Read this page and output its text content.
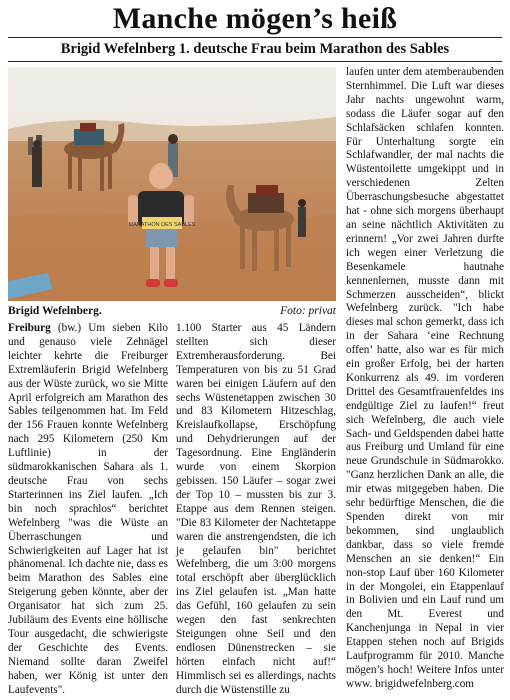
Manche mögen’s heiß
Brigid Wefelnberg 1. deutsche Frau beim Marathon des Sables
MARATHON DES SABLES
Brigid Wefelnberg.	Foto: privat

Freiburg (bw.) Um sieben Kilo und genauso viele Zehnägel leichter kehrte die Freiburger Extremläuferin Brigid Wefelnberg aus der Wüste zurück, wo sie Mitte April erfolgreich am Marathon des Sables teilgenommen hat. Im Feld der 156 Frauen konnte Wefelnberg nach 295 Kilometern (250 Km Luftlinie) in der südmarokkanischen Sahara als 1. deutsche Frau von sechs Starterinnen ins Ziel laufen. „Ich bin noch sprachlos“ berichtet Wefelnberg "was die Wüste an Überraschungen und Schwierigkeiten auf Lager hat ist phänomenal. Ich dachte nie, dass es beim Marathon des Sables eine Steigerung geben könnte, aber der Organisator hat sich zum 25. Jubiläum des Events eine höllische Tour ausgedacht, die schwierigste der Geschichte des Events. Niemand sollte daran Zweifel haben, wer König ist unter den Laufevents".

1.100 Starter aus 45 Ländern stellten sich dieser Extremherausforderung. Bei Temperaturen von bis zu 51 Grad waren bei einigen Läufern auf den sechs Wüstenetappen zwischen 30 und 83 Kilometern Hitzeschlag, Kreislaufkollapse, Erschöpfung und Dehydrierungen auf der Tagesordnung. Eine Engländerin wurde von einem Skorpion gebissen. 150 Läufer – sogar zwei der Top 10 – mussten bis zur 3. Etappe aus dem Rennen steigen. "Die 83 Kilometer der Nachtetappe waren die anstrengendsten, die ich je gelaufen bin" berichtet Wefelnberg, die um 3:00 morgens total erschöpft aber überglücklich ins Ziel gelaufen ist. „Man hatte das Gefühl, 160 gelaufen zu sein wegen den fast senkrechten Steigungen ohne Seil und den endlosen Dünenstrecken – sie hörten einfach nicht auf!“ Himmlisch sei es allerdings, nachts durch die Wüstenstille zu

laufen unter dem atemberaubenden Sternhimmel. Die Luft war dieses Jahr nachts ungewohnt warm, sodass die Läufer sogar auf den Schlafsäcken schlafen konnten. Für Unterhaltung sorgte ein Schlafwandler, der mal nachts die Wüstentoilette umgekippt und in verschiedenen Zelten Überraschungsbesuche abgestattet hat - ohne sich morgens überhaupt an seine nächtlich Aktivitäten zu erinnern! „Vor zwei Jahren durfte ich wegen einer Verletzung die Besenkamele hautnahe kennenlernen, musste dann mit Schmerzen ausscheiden“, blickt Wefelnberg zurück. "Ich habe dieses mal schon gemerkt, dass ich in der Sahara ‘eine Rechnung offen’ hatte, also war es für mich ein großer Erfolg, bei der harten Konkurrenz als 49. im vorderen Drittel des Gesamtfrauenfeldes ins endgültige Ziel zu laufen!“ freut sich Wefelnberg, die auch viele Sach- und Geldspenden dabei hatte aus Freiburg und Umland für eine neue Grundschule in Südmarokko. "Ganz herzlichen Dank an alle, die mir etwas mitgegeben haben. Die sehr bedürftige Menschen, die die Spenden direkt von mir bekommen, sind unglaublich dankbar, dass so viele fremde Menschen an sie denken!“ Ein non-stop Lauf über 160 Kilometer in der Mongolei, ein Etappenlauf in Bolivien und ein Lauf rund um den Mt. Everest und Kanchenjunga in Nepal in vier Etappen stehen noch auf Brigids Laufprogramm für 2010. Manche mögen’s hoch! Weitere Infos unter www. brigidwefelnberg.com
